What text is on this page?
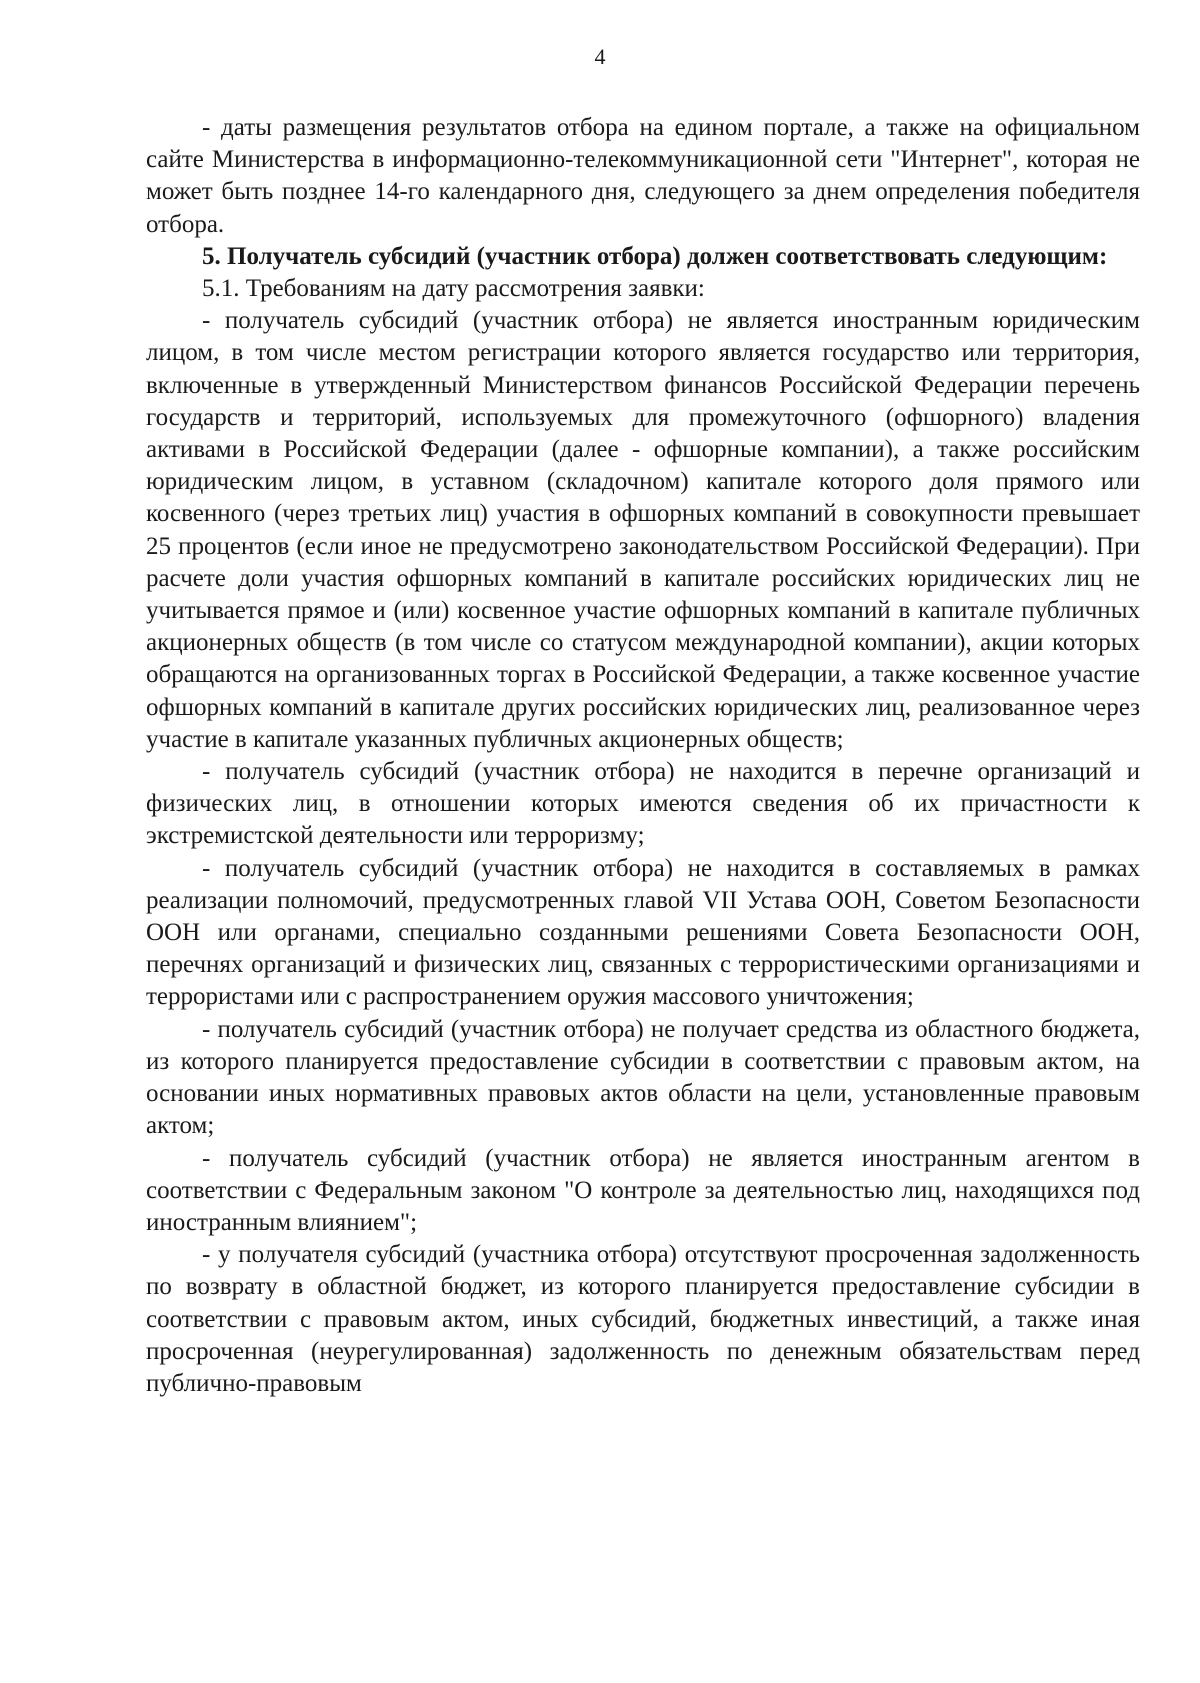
4

- даты размещения результатов отбора на едином портале, а также на официальном сайте Министерства в информационно-телекоммуникационной сети "Интернет", которая не может быть позднее 14-го календарного дня, следующего за днем определения победителя отбора.

5. Получатель субсидий (участник отбора) должен соответствовать следующим:

5.1. Требованиям на дату рассмотрения заявки:

- получатель субсидий (участник отбора) не является иностранным юридическим лицом, в том числе местом регистрации которого является государство или территория, включенные в утвержденный Министерством финансов Российской Федерации перечень государств и территорий, используемых для промежуточного (офшорного) владения активами в Российской Федерации (далее - офшорные компании), а также российским юридическим лицом, в уставном (складочном) капитале которого доля прямого или косвенного (через третьих лиц) участия в офшорных компаний в совокупности превышает 25 процентов (если иное не предусмотрено законодательством Российской Федерации). При расчете доли участия офшорных компаний в капитале российских юридических лиц не учитывается прямое и (или) косвенное участие офшорных компаний в капитале публичных акционерных обществ (в том числе со статусом международной компании), акции которых обращаются на организованных торгах в Российской Федерации, а также косвенное участие офшорных компаний в капитале других российских юридических лиц, реализованное через участие в капитале указанных публичных акционерных обществ;

- получатель субсидий (участник отбора) не находится в перечне организаций и физических лиц, в отношении которых имеются сведения об их причастности к экстремистской деятельности или терроризму;

- получатель субсидий (участник отбора) не находится в составляемых в рамках реализации полномочий, предусмотренных главой VII Устава ООН, Советом Безопасности ООН или органами, специально созданными решениями Совета Безопасности ООН, перечнях организаций и физических лиц, связанных с террористическими организациями и террористами или с распространением оружия массового уничтожения;

- получатель субсидий (участник отбора) не получает средства из областного бюджета, из которого планируется предоставление субсидии в соответствии с правовым актом, на основании иных нормативных правовых актов области на цели, установленные правовым актом;

- получатель субсидий (участник отбора) не является иностранным агентом в соответствии с Федеральным законом "О контроле за деятельностью лиц, находящихся под иностранным влиянием";

- у получателя субсидий (участника отбора) отсутствуют просроченная задолженность по возврату в областной бюджет, из которого планируется предоставление субсидии в соответствии с правовым актом, иных субсидий, бюджетных инвестиций, а также иная просроченная (неурегулированная) задолженность по денежным обязательствам перед публично-правовым
